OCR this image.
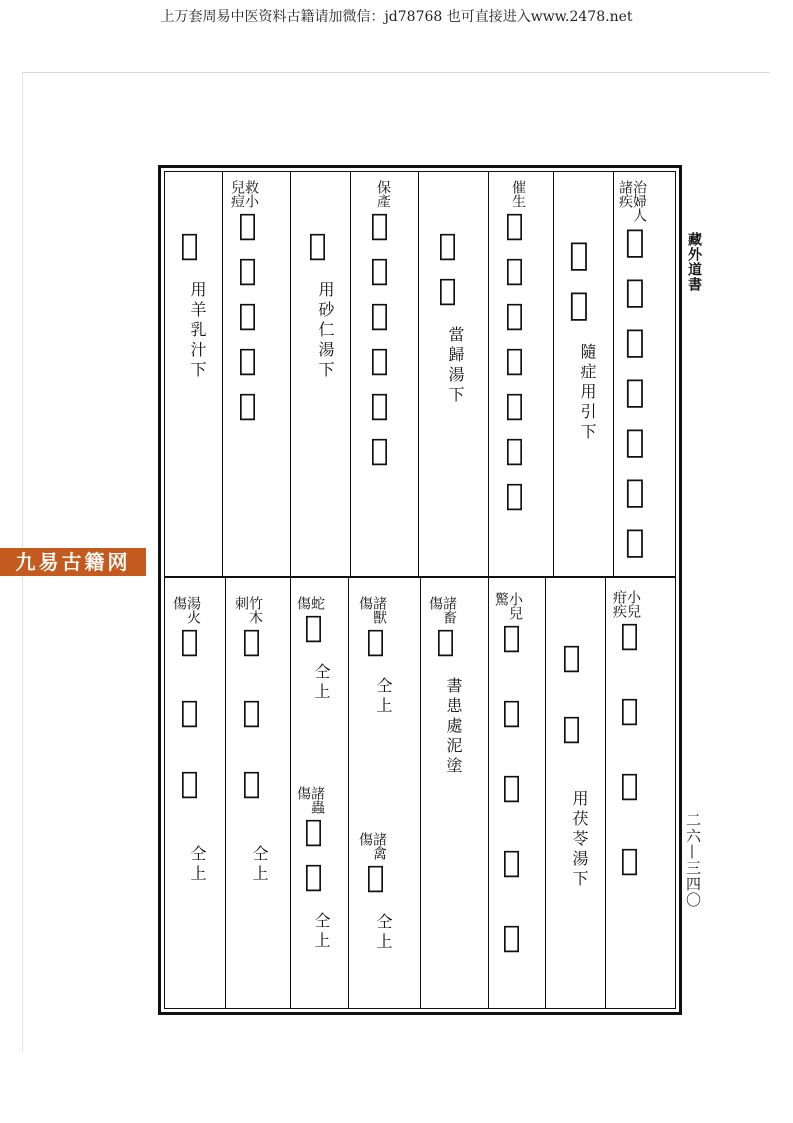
上万套周易中医资料古籍请加微信：jd78768 也可直接进入www.2478.net
藏外道書
二六—三四〇
九易古籍网
治婦人
諸疾
𰃆𰃇𰃈𰃉𰃊𰃋𰃌
𰃍𰃎
隨症用引下
催生
𰃏𰃐𰃑𰃒𰃓𰃔𰃕
𰃖𰃗
當歸湯下
保產
𰃘𰃙𰃚𰃛𰃜𰃝
𰃞
用砂仁湯下
救小
兒痘
𰃟𰃠𰃡𰃢𰃣
𰃤
用羊乳汁下
小兒
疳疾
𰃥𰃦𰃧𰃨
𰃩𰃪
用茯苓湯下
小兒
驚
𰃫𰃬𰃭𰃮𰃯
諸畜
傷
𰃰
書患處泥塗
諸獸
傷
𰃱
仝上
諸禽
傷
𰃲
仝上
蛇
傷
𰃳
仝上
諸蟲
傷
𰃴𰃵
仝上
竹木
刺
𰃶𰃷𰃸
仝上
湯火
傷
𰃹𰃺𰃻
仝上
